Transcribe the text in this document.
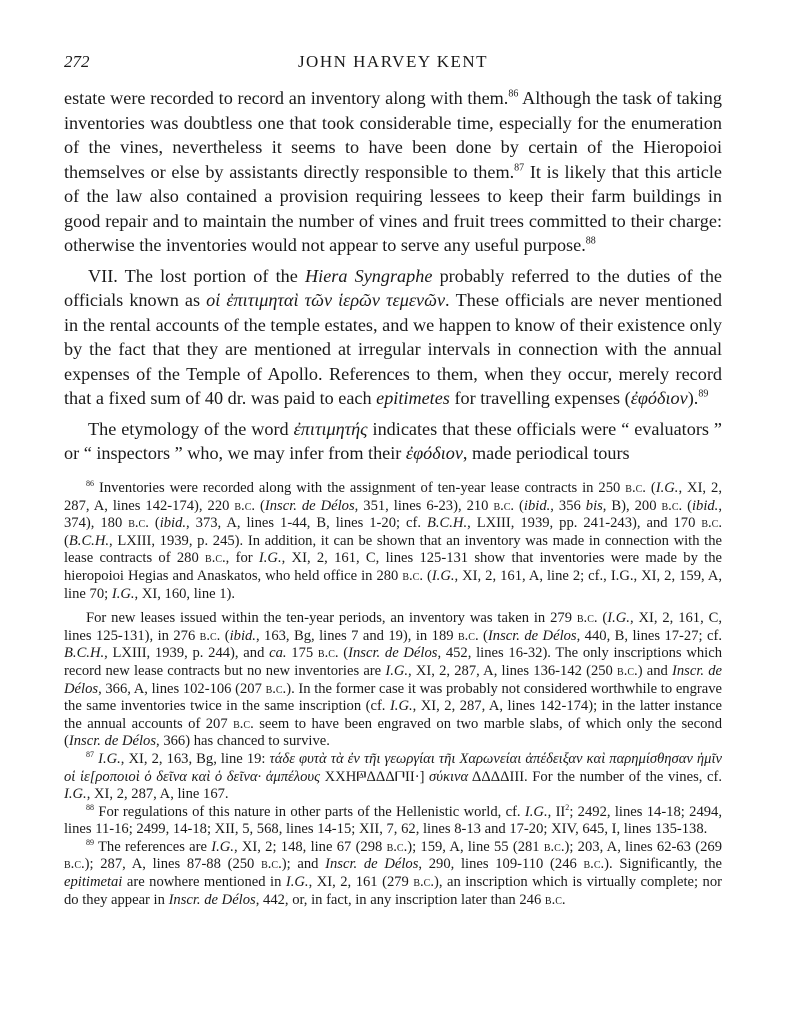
272	JOHN HARVEY KENT

estate were recorded to record an inventory along with them.$^{86}$ Although the task of taking inventories was doubtless one that took considerable time, especially for the enumeration of the vines, nevertheless it seems to have been done by certain of the Hieropoioi themselves or else by assistants directly responsible to them.$^{87}$ It is likely that this article of the law also contained a provision requiring lessees to keep their farm buildings in good repair and to maintain the number of vines and fruit trees committed to their charge: otherwise the inventories would not appear to serve any useful purpose.$^{88}$

VII. The lost portion of the Hiera Syngraphe probably referred to the duties of the officials known as οἱ ἐπιτιμηταὶ τῶν ἱερῶν τεμενῶν. These officials are never mentioned in the rental accounts of the temple estates, and we happen to know of their existence only by the fact that they are mentioned at irregular intervals in connection with the annual expenses of the Temple of Apollo. References to them, when they occur, merely record that a fixed sum of 40 dr. was paid to each epitimetes for travelling expenses (ἐφόδιον).$^{89}$

The etymology of the word ἐπιτιμητής indicates that these officials were “ evaluators ” or “ inspectors ” who, we may infer from their ἐφόδιον, made periodical tours

$^{86}$ Inventories were recorded along with the assignment of ten-year lease contracts in 250 b.c. (I.G., XI, 2, 287, A, lines 142-174), 220 b.c. (Inscr. de Délos, 351, lines 6-23), 210 b.c. (ibid., 356 bis, B), 200 b.c. (ibid., 374), 180 b.c. (ibid., 373, A, lines 1-44, B, lines 1-20; cf. B.C.H., LXIII, 1939, pp. 241-243), and 170 b.c. (B.C.H., LXIII, 1939, p. 245). In addition, it can be shown that an inventory was made in connection with the lease contracts of 280 b.c., for I.G., XI, 2, 161, C, lines 125-131 show that inventories were made by the hieropoioi Hegias and Anaskatos, who held office in 280 b.c. (I.G., XI, 2, 161, A, line 2; cf., I.G., XI, 2, 159, A, line 70; I.G., XI, 160, line 1).

For new leases issued within the ten-year periods, an inventory was taken in 279 b.c. (I.G., XI, 2, 161, C, lines 125-131), in 276 b.c. (ibid., 163, Bg, lines 7 and 19), in 189 b.c. (Inscr. de Délos, 440, B, lines 17-27; cf. B.C.H., LXIII, 1939, p. 244), and ca. 175 b.c. (Inscr. de Délos, 452, lines 16-32). The only inscriptions which record new lease contracts but no new inventories are I.G., XI, 2, 287, A, lines 136-142 (250 b.c.) and Inscr. de Délos, 366, A, lines 102-106 (207 b.c.). In the former case it was probably not considered worthwhile to engrave the same inventories twice in the same inscription (cf. I.G., XI, 2, 287, A, lines 142-174); in the latter instance the annual accounts of 207 b.c. seem to have been engraved on two marble slabs, of which only the second (Inscr. de Délos, 366) has chanced to survive.

$^{87}$ I.G., XI, 2, 163, Bg, line 19: τάδε φυτὰ τὰ ἐν τῆι γεωργίαι τῆι Χαρωνείαι ἀπέδειξαν καὶ παρημίσθησαν ἡμῖν οἱ ἱε[ροποιοὶ ὁ δεῖνα καὶ ὁ δεῖνα· ἀμπέλους ΧΧΗ𐅄ΔΔΔ𐅃ΙΙ·] σύκινα ΔΔΔΔΙΙΙ. For the number of the vines, cf. I.G., XI, 2, 287, A, line 167.

$^{88}$ For regulations of this nature in other parts of the Hellenistic world, cf. I.G., $II^2$; 2492, lines 14-18; 2494, lines 11-16; 2499, 14-18; XII, 5, 568, lines 14-15; XII, 7, 62, lines 8-13 and 17-20; XIV, 645, I, lines 135-138.

$^{89}$ The references are I.G., XI, 2; 148, line 67 (298 b.c.); 159, A, line 55 (281 b.c.); 203, A, lines 62-63 (269 b.c.); 287, A, lines 87-88 (250 b.c.); and Inscr. de Délos, 290, lines 109-110 (246 b.c.). Significantly, the epitimetai are nowhere mentioned in I.G., XI, 2, 161 (279 b.c.), an inscription which is virtually complete; nor do they appear in Inscr. de Délos, 442, or, in fact, in any inscription later than 246 b.c.
